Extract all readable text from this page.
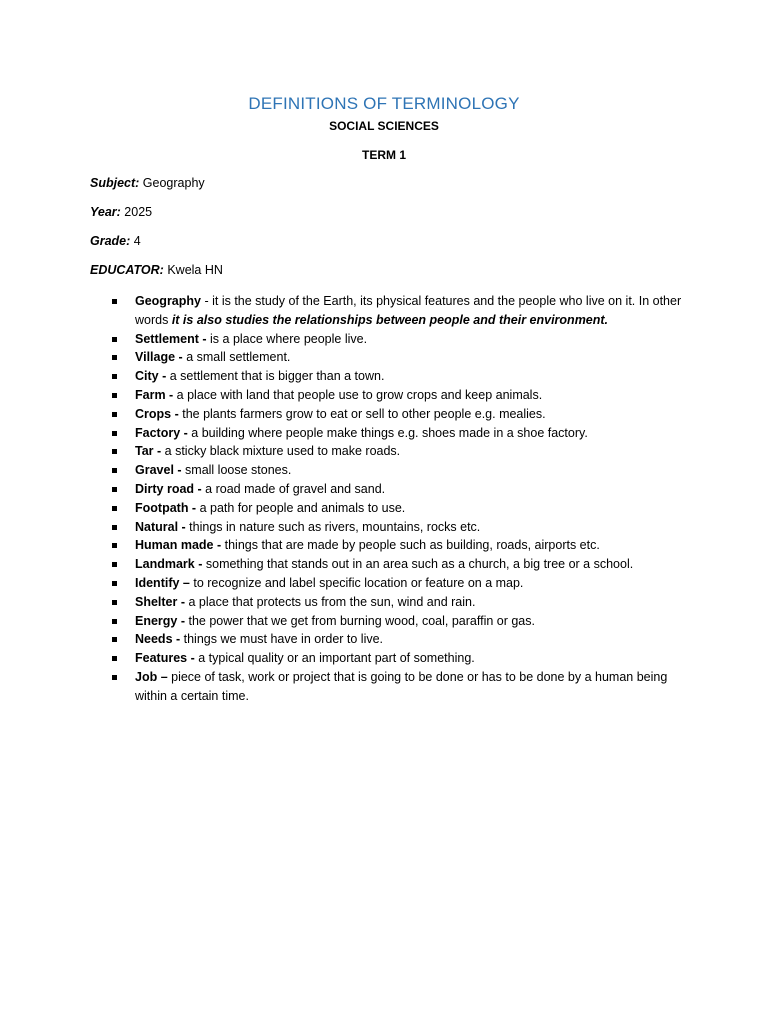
DEFINITIONS OF TERMINOLOGY
SOCIAL SCIENCES
TERM 1
Subject: Geography
Year: 2025
Grade: 4
EDUCATOR: Kwela HN
Geography - it is the study of the Earth, its physical features and the people who live on it. In other words it is also studies the relationships between people and their environment.
Settlement - is a place where people live.
Village - a small settlement.
City - a settlement that is bigger than a town.
Farm - a place with land that people use to grow crops and keep animals.
Crops - the plants farmers grow to eat or sell to other people e.g. mealies.
Factory - a building where people make things e.g. shoes made in a shoe factory.
Tar - a sticky black mixture used to make roads.
Gravel - small loose stones.
Dirty road - a road made of gravel and sand.
Footpath - a path for people and animals to use.
Natural - things in nature such as rivers, mountains, rocks etc.
Human made - things that are made by people such as building, roads, airports etc.
Landmark - something that stands out in an area such as a church, a big tree or a school.
Identify – to recognize and label specific location or feature on a map.
Shelter - a place that protects us from the sun, wind and rain.
Energy - the power that we get from burning wood, coal, paraffin or gas.
Needs - things we must have in order to live.
Features - a typical quality or an important part of something.
Job – piece of task, work or project that is going to be done or has to be done by a human being within a certain time.
